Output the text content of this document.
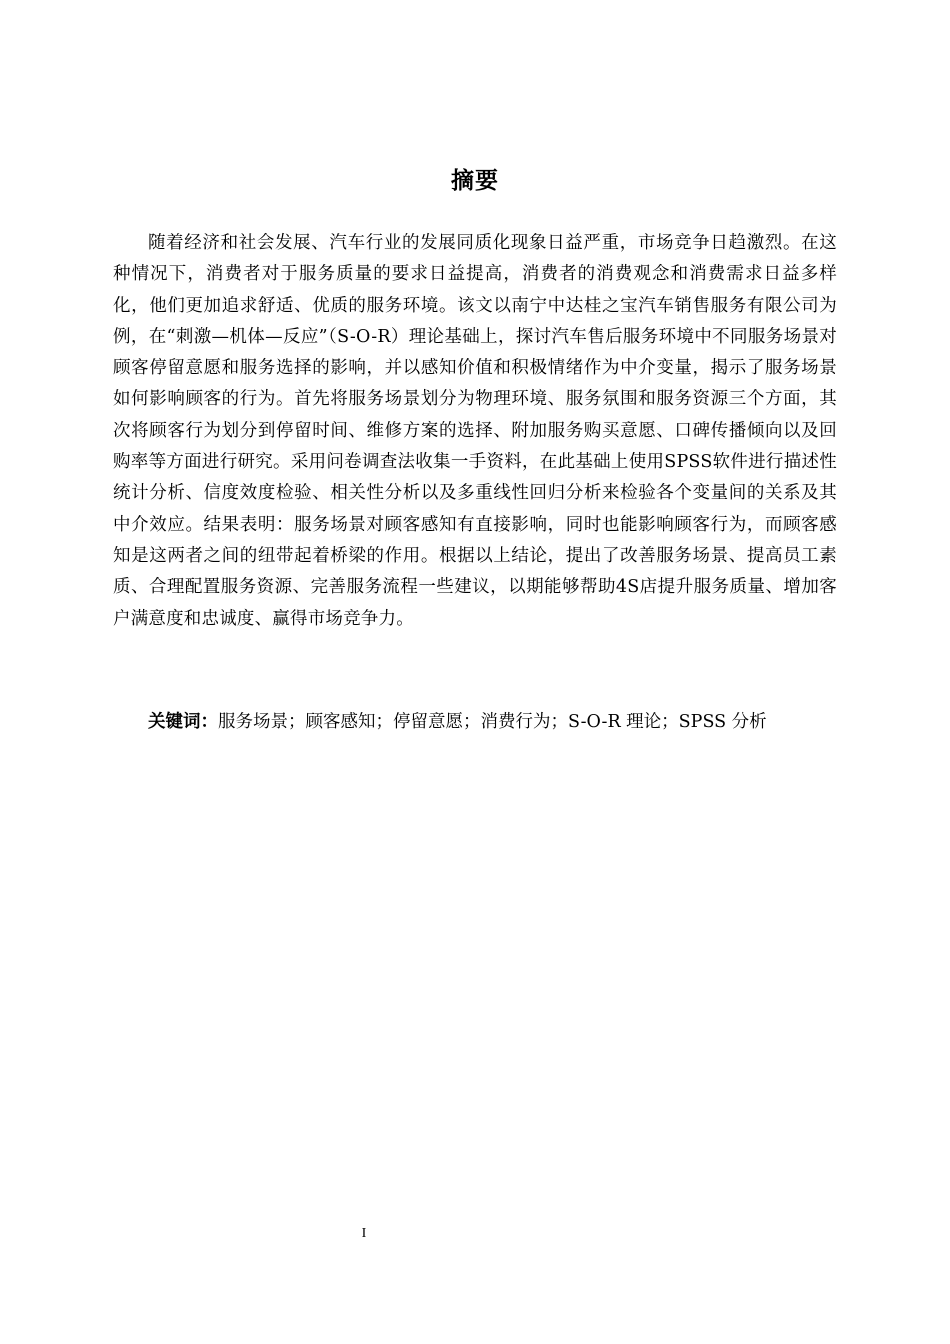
摘要

随着经济和社会发展、汽车行业的发展同质化现象日益严重，市场竞争日趋激烈。在这种情况下，消费者对于服务质量的要求日益提高，消费者的消费观念和消费需求日益多样化，他们更加追求舒适、优质的服务环境。该文以南宁中达桂之宝汽车销售服务有限公司为例，在“刺激—机体—反应”（S-O-R）理论基础上，探讨汽车售后服务环境中不同服务场景对顾客停留意愿和服务选择的影响，并以感知价值和积极情绪作为中介变量，揭示了服务场景如何影响顾客的行为。首先将服务场景划分为物理环境、服务氛围和服务资源三个方面，其次将顾客行为划分到停留时间、维修方案的选择、附加服务购买意愿、口碑传播倾向以及回购率等方面进行研究。采用问卷调查法收集一手资料，在此基础上使用SPSS软件进行描述性统计分析、信度效度检验、相关性分析以及多重线性回归分析来检验各个变量间的关系及其中介效应。结果表明：服务场景对顾客感知有直接影响，同时也能影响顾客行为，而顾客感知是这两者之间的纽带起着桥梁的作用。根据以上结论，提出了改善服务场景、提高员工素质、合理配置服务资源、完善服务流程一些建议，以期能够帮助4S店提升服务质量、增加客户满意度和忠诚度、赢得市场竞争力。

关键词：服务场景；顾客感知；停留意愿；消费行为；S-O-R 理论；SPSS 分析
I
